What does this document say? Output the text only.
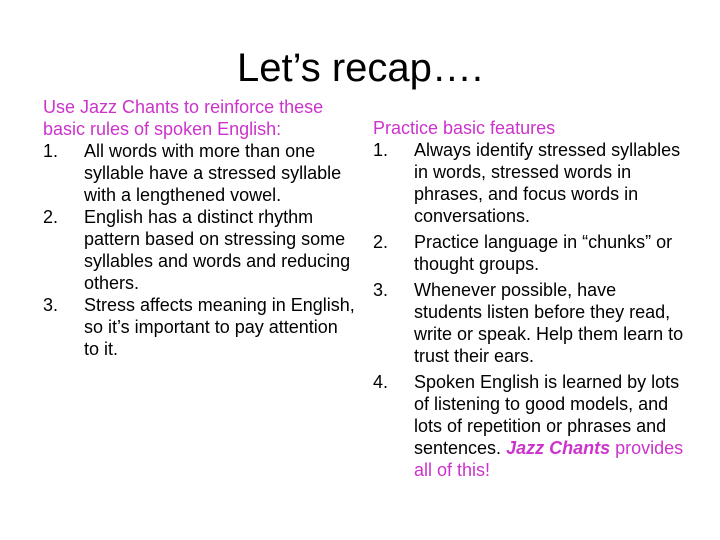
Let’s recap….

Use Jazz Chants to reinforce these basic rules of spoken English:

1. All words with more than one syllable have a stressed syllable with a lengthened vowel.
2. English has a distinct rhythm pattern based on stressing some syllables and words and reducing others.
3. Stress affects meaning in English, so it’s important to pay attention to it.

Practice basic features

1. Always identify stressed syllables in words, stressed words in phrases, and focus words in conversations.
2. Practice language in “chunks” or thought groups.
3. Whenever possible, have students listen before they read, write or speak. Help them learn to trust their ears.
4. Spoken English is learned by lots of listening to good models, and lots of repetition or phrases and sentences. Jazz Chants provides all of this!
